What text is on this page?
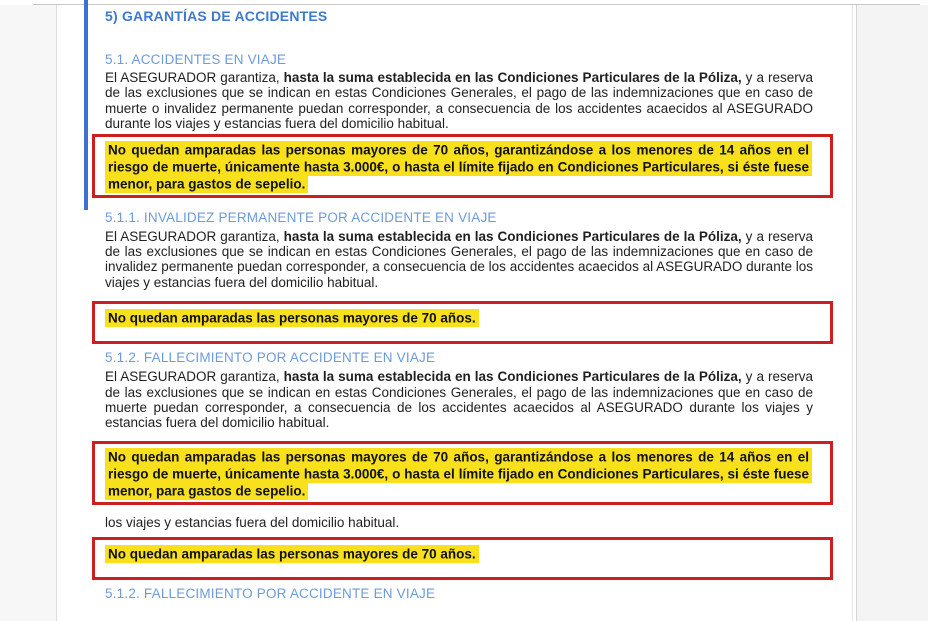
5) GARANTÍAS DE ACCIDENTES
5.1. ACCIDENTES EN VIAJE

El ASEGURADOR garantiza, hasta la suma establecida en las Condiciones Particulares de la Póliza, y a reserva de las exclusiones que se indican en estas Condiciones Generales, el pago de las indemnizaciones que en caso de muerte o invalidez permanente puedan corresponder, a consecuencia de los accidentes acaecidos al ASEGURADO durante los viajes y estancias fuera del domicilio habitual.

No quedan amparadas las personas mayores de 70 años, garantizándose a los menores de 14 años en el riesgo de muerte, únicamente hasta 3.000€, o hasta el límite fijado en Condiciones Particulares, si éste fuese menor, para gastos de sepelio.
5.1.1. INVALIDEZ PERMANENTE POR ACCIDENTE EN VIAJE

El ASEGURADOR garantiza, hasta la suma establecida en las Condiciones Particulares de la Póliza, y a reserva de las exclusiones que se indican en estas Condiciones Generales, el pago de las indemnizaciones que en caso de invalidez permanente puedan corresponder, a consecuencia de los accidentes acaecidos al ASEGURADO durante los viajes y estancias fuera del domicilio habitual.

No quedan amparadas las personas mayores de 70 años.
5.1.2. FALLECIMIENTO POR ACCIDENTE EN VIAJE

El ASEGURADOR garantiza, hasta la suma establecida en las Condiciones Particulares de la Póliza, y a reserva de las exclusiones que se indican en estas Condiciones Generales, el pago de las indemnizaciones que en caso de muerte puedan corresponder, a consecuencia de los accidentes acaecidos al ASEGURADO durante los viajes y estancias fuera del domicilio habitual.

No quedan amparadas las personas mayores de 70 años, garantizándose a los menores de 14 años en el riesgo de muerte, únicamente hasta 3.000€, o hasta el límite fijado en Condiciones Particulares, si éste fuese menor, para gastos de sepelio.
los viajes y estancias fuera del domicilio habitual.
No quedan amparadas las personas mayores de 70 años.
5.1.2. FALLECIMIENTO POR ACCIDENTE EN VIAJE
